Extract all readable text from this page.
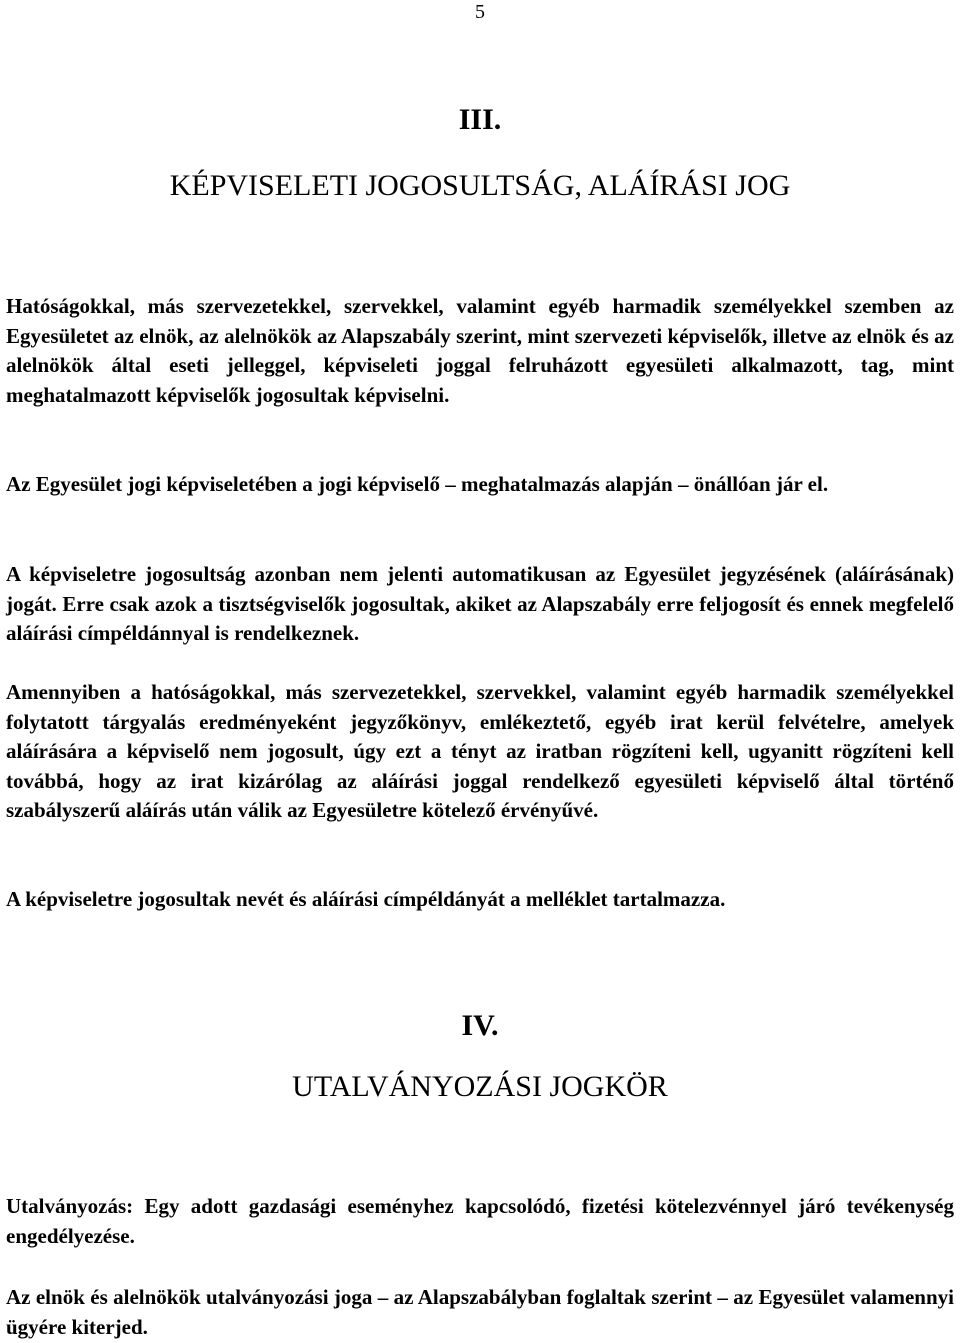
5
III.
KÉPVISELETI JOGOSULTSÁG, ALÁÍRÁSI JOG

Hatóságokkal, más szervezetekkel, szervekkel, valamint egyéb harmadik személyekkel szemben az Egyesületet az elnök, az alelnökök az Alapszabály szerint, mint szervezeti képviselők, illetve az elnök és az alelnökök által eseti jelleggel, képviseleti joggal felruházott egyesületi alkalmazott, tag, mint meghatalmazott képviselők jogosultak képviselni.

Az Egyesület jogi képviseletében a jogi képviselő – meghatalmazás alapján – önállóan jár el.

A képviseletre jogosultság azonban nem jelenti automatikusan az Egyesület jegyzésének (aláírásának) jogát. Erre csak azok a tisztségviselők jogosultak, akiket az Alapszabály erre feljogosít és ennek megfelelő aláírási címpéldánnyal is rendelkeznek.

Amennyiben a hatóságokkal, más szervezetekkel, szervekkel, valamint egyéb harmadik személyekkel folytatott tárgyalás eredményeként jegyzőkönyv, emlékeztető, egyéb irat kerül felvételre, amelyek aláírására a képviselő nem jogosult, úgy ezt a tényt az iratban rögzíteni kell, ugyanitt rögzíteni kell továbbá, hogy az irat kizárólag az aláírási joggal rendelkező egyesületi képviselő által történő szabályszerű aláírás után válik az Egyesületre kötelező érvényűvé.

A képviseletre jogosultak nevét és aláírási címpéldányát a melléklet tartalmazza.

IV.
UTALVÁNYOZÁSI JOGKÖR

Utalványozás: Egy adott gazdasági eseményhez kapcsolódó, fizetési kötelezvénnyel járó tevékenység engedélyezése.

Az elnök és alelnökök utalványozási joga – az Alapszabályban foglaltak szerint – az Egyesület valamennyi ügyére kiterjed.
